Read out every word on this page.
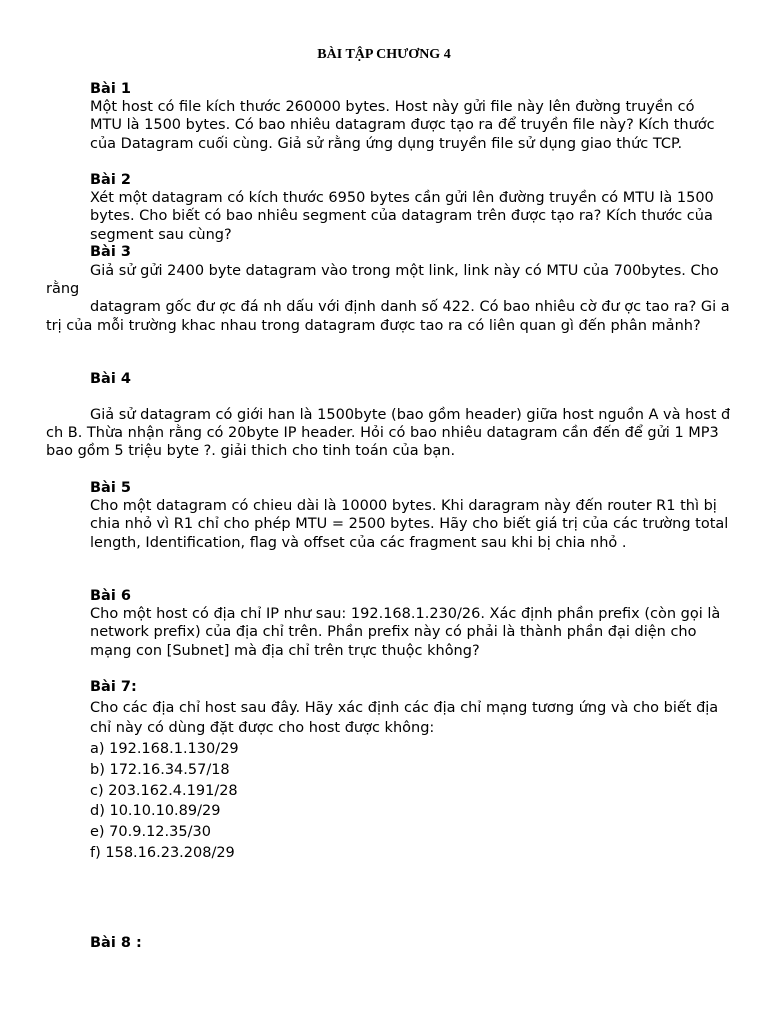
BÀI TẬP CHƯƠNG 4

Bài 1

Một host có file kích thước 260000 bytes. Host này gửi file này lên đường truyền có MTU là 1500 bytes. Có bao nhiêu datagram được tạo ra để truyền file này? Kích thước của Datagram cuối cùng. Giả sử rằng ứng dụng truyền file sử dụng giao thức TCP.

Bài 2

Xét một datagram có kích thước 6950 bytes cần gửi lên đường truyền có MTU là 1500 bytes. Cho biết có bao nhiêu segment của datagram trên được tạo ra? Kích thước của segment sau cùng?

Bài 3

Giả sử gửi 2400 byte datagram vào trong một link, link này có MTU của 700bytes. Cho rằng

datagram gốc đư ợc đá nh dấu với định danh số 422. Có bao nhiêu cờ đư ợc tao ra? Gi a trị của mỗi trường khac nhau trong datagram được tao ra có liên quan gì đến phân mảnh?

Bài 4

Giả sử datagram có giới han là 1500byte (bao gồm header) giữa host nguồn A và host đ ch B. Thừa nhận rằng có 20byte IP header. Hỏi có bao nhiêu datagram cần đến để gửi 1 MP3 bao gồm 5 triệu byte ?. giải thich cho tinh toán của bạn.

Bài 5

Cho một datagram có chieu dài là 10000 bytes. Khi daragram này đến router R1 thì bị chia nhỏ vì R1 chỉ cho phép MTU = 2500 bytes. Hãy cho biết giá trị của các trường total length, Identification, flag và offset của các fragment sau khi bị chia nhỏ .

Bài 6

Cho một host có địa chỉ IP như sau: 192.168.1.230/26. Xác định phần prefix (còn gọi là network prefix) của địa chỉ trên. Phần prefix này có phải là thành phần đại diện cho mạng con [Subnet] mà địa chỉ trên trực thuộc không?

Bài 7:

Cho các địa chỉ host sau đây. Hãy xác định các địa chỉ mạng tương ứng và cho biết địa chỉ này có dùng đặt được cho host được không:

a) 192.168.1.130/29

b) 172.16.34.57/18

c) 203.162.4.191/28

d) 10.10.10.89/29

e) 70.9.12.35/30

f) 158.16.23.208/29

Bài 8 :
